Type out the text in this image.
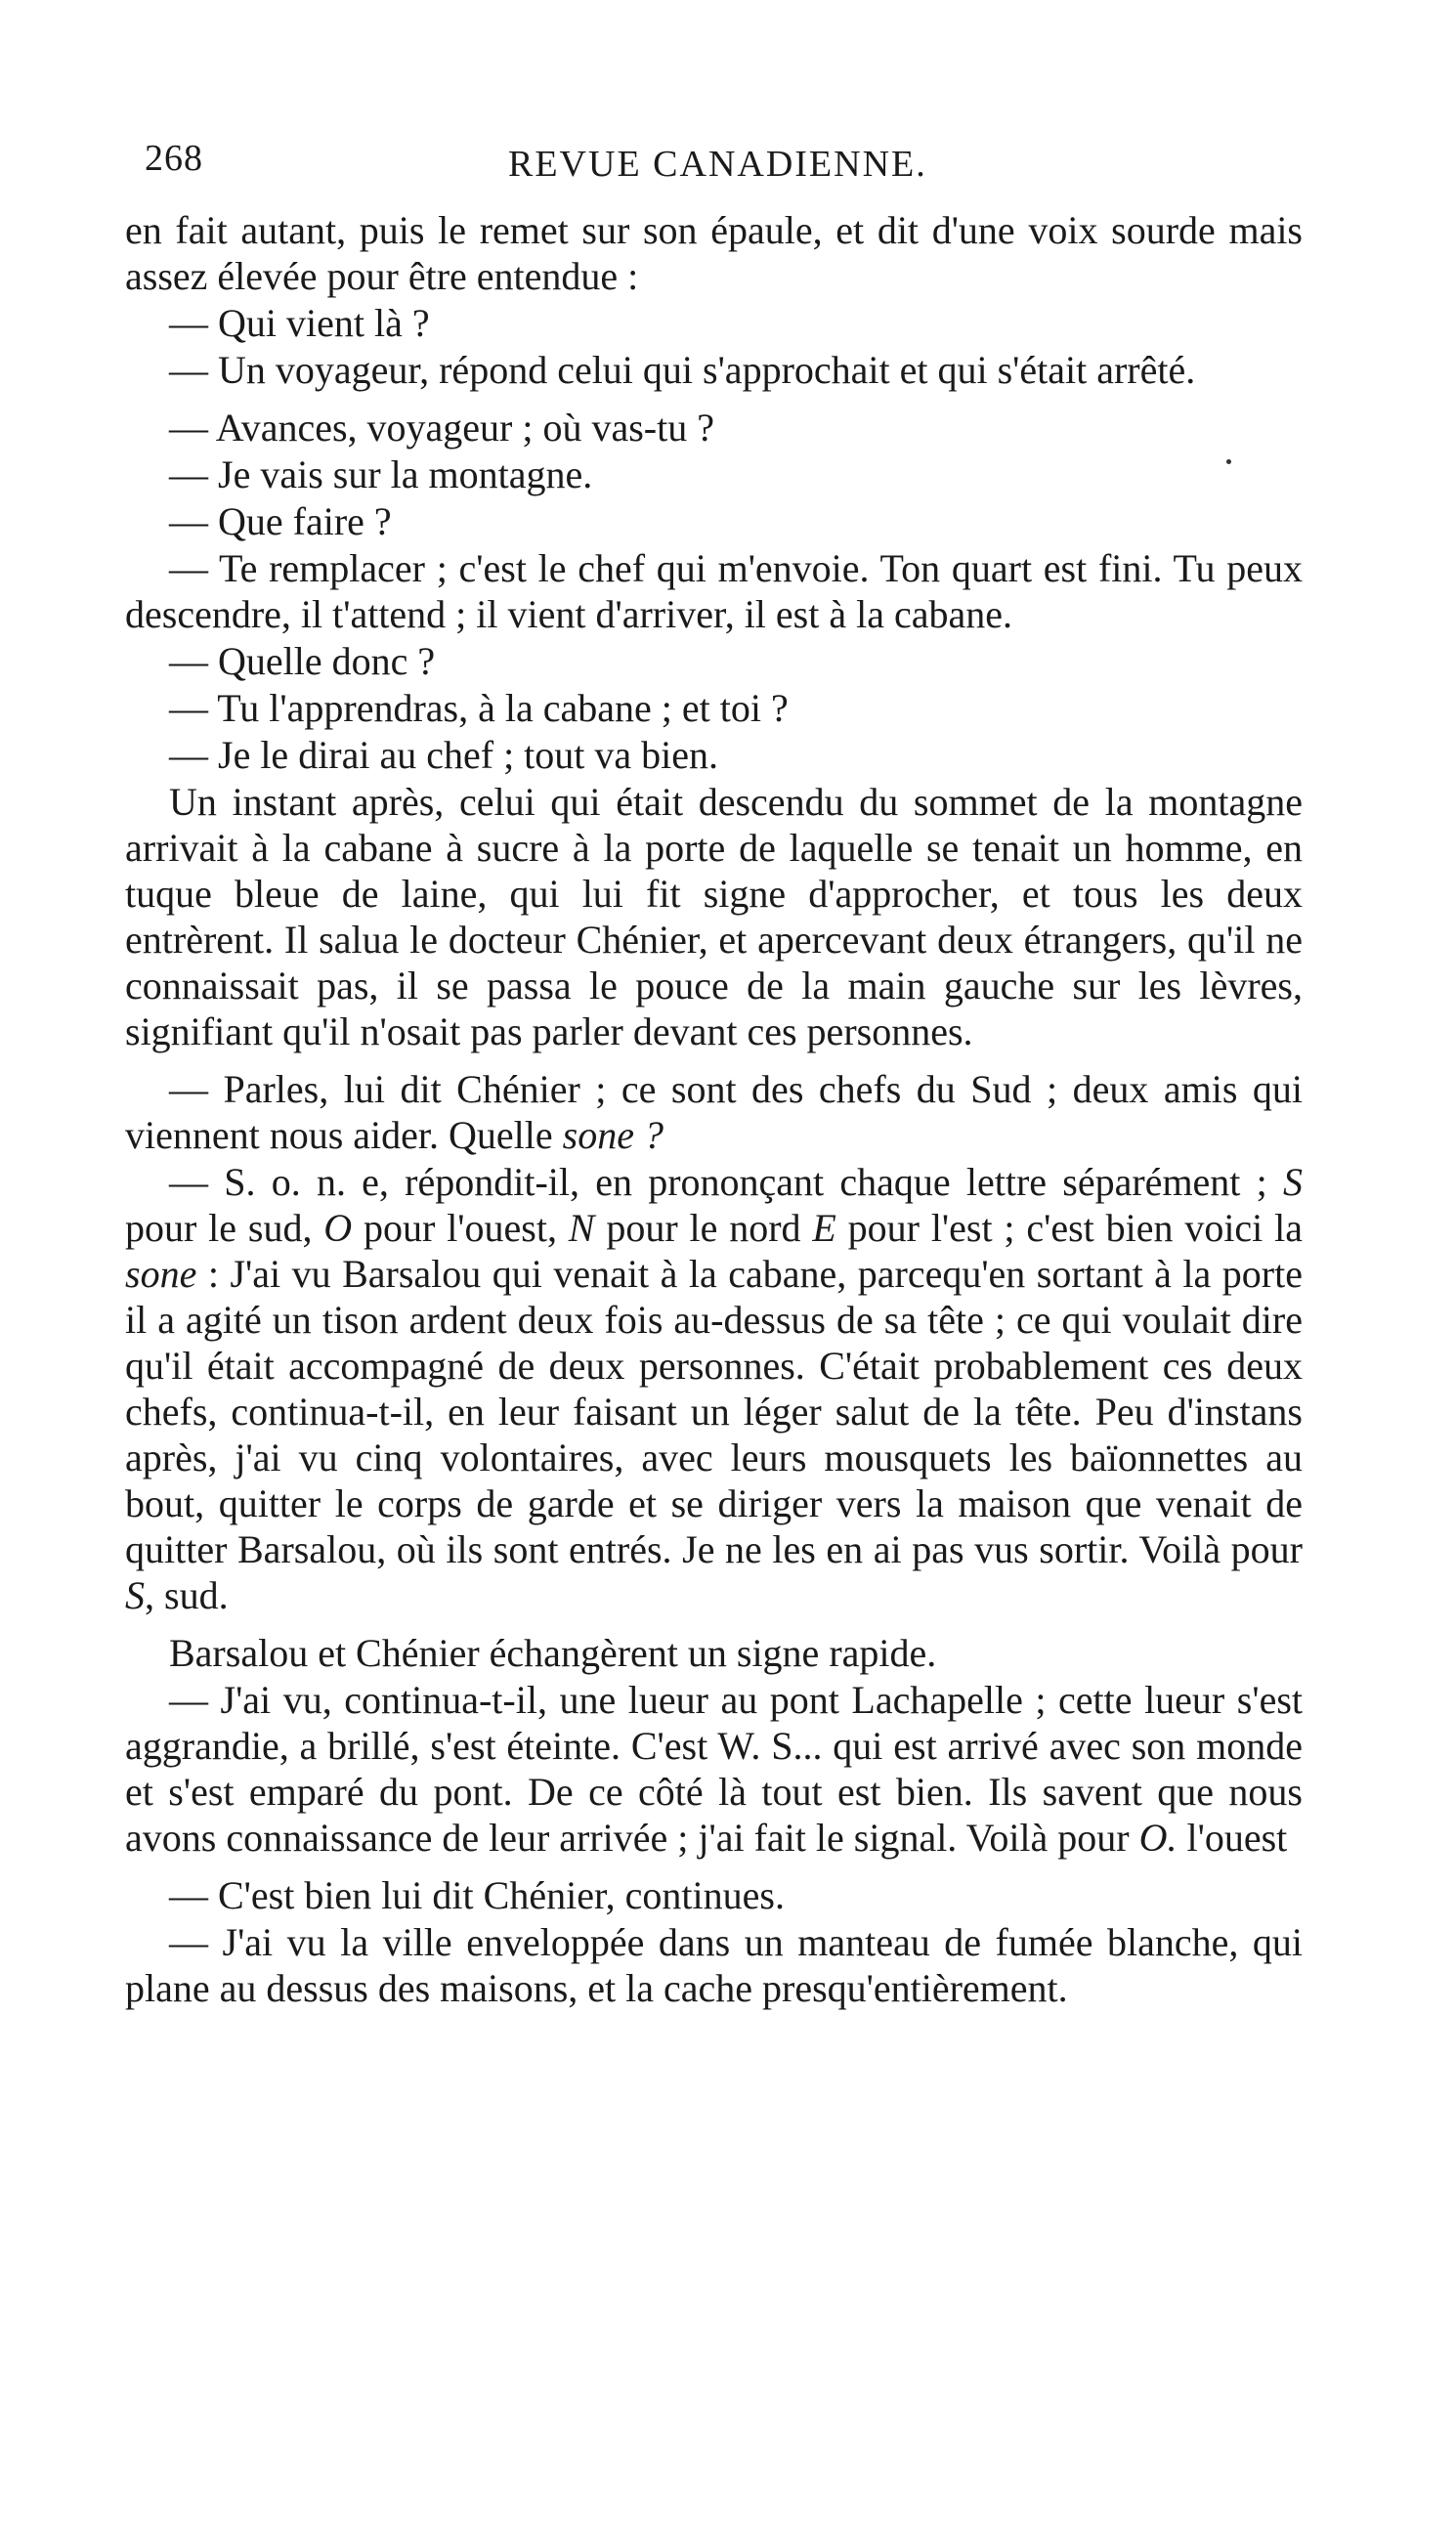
268	REVUE CANADIENNE.

en fait autant, puis le remet sur son épaule, et dit d'une voix sourde mais assez élevée pour être entendue :

— Qui vient là ?

— Un voyageur, répond celui qui s'approchait et qui s'était arrêté.

— Avances, voyageur ; où vas-tu ?

— Je vais sur la montagne.

— Que faire ?

— Te remplacer ; c'est le chef qui m'envoie. Ton quart est fini. Tu peux descendre, il t'attend ; il vient d'arriver, il est à la cabane.

— Quelle donc ?

— Tu l'apprendras, à la cabane ; et toi ?

— Je le dirai au chef ; tout va bien.

Un instant après, celui qui était descendu du sommet de la montagne arrivait à la cabane à sucre à la porte de laquelle se tenait un homme, en tuque bleue de laine, qui lui fit signe d'approcher, et tous les deux entrèrent. Il salua le docteur Chénier, et apercevant deux étrangers, qu'il ne connaissait pas, il se passa le pouce de la main gauche sur les lèvres, signifiant qu'il n'osait pas parler devant ces personnes.

— Parles, lui dit Chénier ; ce sont des chefs du Sud ; deux amis qui viennent nous aider. Quelle sone ?

— S. o. n. e, répondit-il, en prononçant chaque lettre séparément ; S pour le sud, O pour l'ouest, N pour le nord E pour l'est ; c'est bien voici la sone : J'ai vu Barsalou qui venait à la cabane, parcequ'en sortant à la porte il a agité un tison ardent deux fois au-dessus de sa tête ; ce qui voulait dire qu'il était accompagné de deux personnes. C'était probablement ces deux chefs, continua-t-il, en leur faisant un léger salut de la tête. Peu d'instans après, j'ai vu cinq volontaires, avec leurs mousquets les baïonnettes au bout, quitter le corps de garde et se diriger vers la maison que venait de quitter Barsalou, où ils sont entrés. Je ne les en ai pas vus sortir. Voilà pour S, sud.

Barsalou et Chénier échangèrent un signe rapide.

— J'ai vu, continua-t-il, une lueur au pont Lachapelle ; cette lueur s'est aggrandie, a brillé, s'est éteinte. C'est W. S... qui est arrivé avec son monde et s'est emparé du pont. De ce côté là tout est bien. Ils savent que nous avons connaissance de leur arrivée ; j'ai fait le signal. Voilà pour O. l'ouest

— C'est bien lui dit Chénier, continues.

— J'ai vu la ville enveloppée dans un manteau de fumée blanche, qui plane au dessus des maisons, et la cache presqu'entièrement.
